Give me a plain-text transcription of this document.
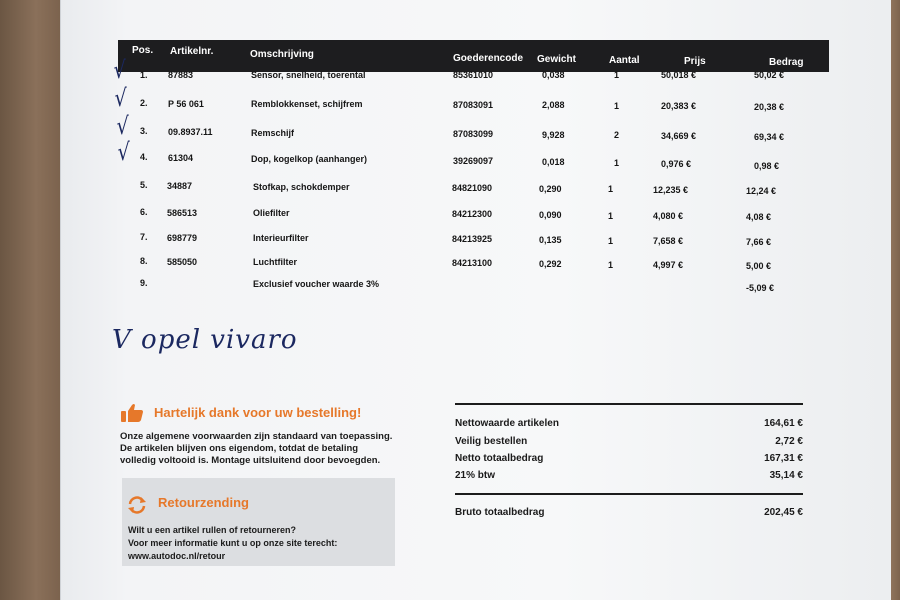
Pos. Artikelnr.	Omschrijving	Goederencode Gewicht	Aantal	Prijs	Bedrag
1. 87883	Sensor, snelheid, toerental	85361010	0,038	1	50,018 €	50,02 €
√
2. P 56 061	Remblokkenset, schijfrem	87083091	2,088	1	20,383 €	20,38 €
√
3. 09.8937.11	Remschijf	87083099	9,928	2	34,669 €	69,34 €
√
4. 61304	Dop, kogelkop (aanhanger)	39269097	0,018	1	0,976 €	0,98 €
√
5. 34887	Stofkap, schokdemper	84821090	0,290	1	12,235 €	12,24 €
6. 586513	Oliefilter	84212300	0,090	1	4,080 €	4,08 €
7. 698779	Interieurfilter	84213925	0,135	1	7,658 €	7,66 €
8. 585050	Luchtfilter	84213100	0,292	1	4,997 €	5,00 €
9.	Exclusief voucher waarde 3%	-5,09 €
V opel vivaro
Hartelijk dank voor uw bestelling!
Onze algemene voorwaarden zijn standaard van toepassing. De artikelen blijven ons eigendom, totdat de betaling volledig voltooid is. Montage uitsluitend door bevoegden.
Retourzending
Wilt u een artikel rullen of retourneren?
Voor meer informatie kunt u op onze site terecht:
www.autodoc.nl/retour
Nettowaarde artikelen	164,61 €
Veilig bestellen	2,72 €
Netto totaalbedrag	167,31 €
21% btw	35,14 €
Bruto totaalbedrag	202,45 €
